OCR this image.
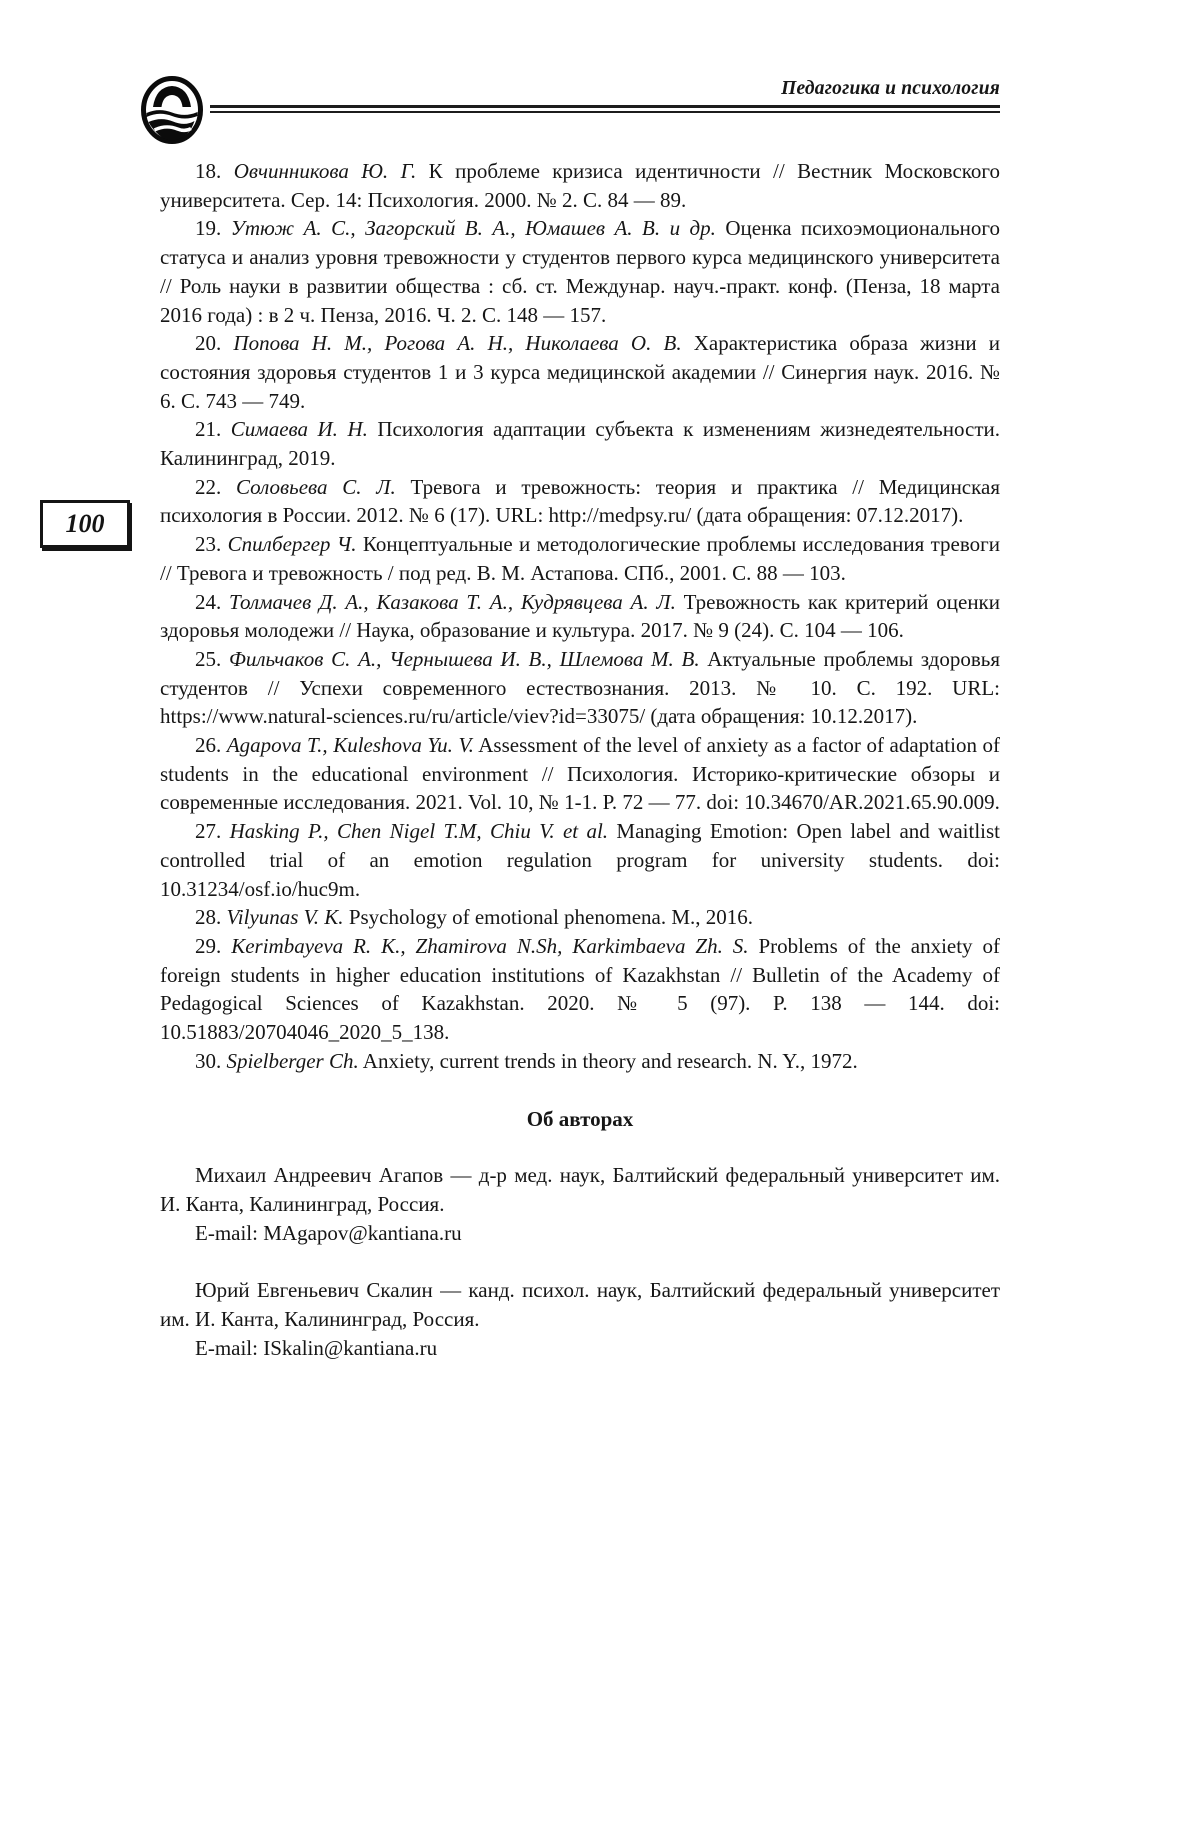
Педагогика и психология
100

18. Овчинникова Ю. Г. К проблеме кризиса идентичности // Вестник Московского университета. Сер. 14: Психология. 2000. № 2. С. 84 — 89.

19. Утюж А. С., Загорский В. А., Юмашев А. В. и др. Оценка психоэмоционального статуса и анализ уровня тревожности у студентов первого курса медицинского университета // Роль науки в развитии общества : сб. ст. Междунар. науч.-практ. конф. (Пенза, 18 марта 2016 года) : в 2 ч. Пенза, 2016. Ч. 2. С. 148 — 157.

20. Попова Н. М., Рогова А. Н., Николаева О. В. Характеристика образа жизни и состояния здоровья студентов 1 и 3 курса медицинской академии // Синергия наук. 2016. № 6. С. 743 — 749.

21. Симаева И. Н. Психология адаптации субъекта к изменениям жизнедеятельности. Калининград, 2019.

22. Соловьева С. Л. Тревога и тревожность: теория и практика // Медицинская психология в России. 2012. № 6 (17). URL: http://medpsy.ru/ (дата обращения: 07.12.2017).

23. Спилбергер Ч. Концептуальные и методологические проблемы исследования тревоги // Тревога и тревожность / под ред. В. М. Астапова. СПб., 2001. С. 88 — 103.

24. Толмачев Д. А., Казакова Т. А., Кудрявцева А. Л. Тревожность как критерий оценки здоровья молодежи // Наука, образование и культура. 2017. № 9 (24). С. 104 — 106.

25. Фильчаков С. А., Чернышева И. В., Шлемова М. В. Актуальные проблемы здоровья студентов // Успехи современного естествознания. 2013. № 10. С. 192. URL: https://www.natural-sciences.ru/ru/article/viev?id=33075/ (дата обращения: 10.12.2017).

26. Agapova T., Kuleshova Yu. V. Assessment of the level of anxiety as a factor of adaptation of students in the educational environment // Психология. Историко-критические обзоры и современные исследования. 2021. Vol. 10, № 1-1. P. 72 — 77. doi: 10.34670/AR.2021.65.90.009.

27. Hasking P., Chen Nigel T.M, Chiu V. et al. Managing Emotion: Open label and waitlist controlled trial of an emotion regulation program for university students. doi: 10.31234/osf.io/huc9m.

28. Vilyunas V. K. Psychology of emotional phenomena. М., 2016.

29. Kerimbayeva R. K., Zhamirova N.Sh, Karkimbaeva Zh. S. Problems of the anxiety of foreign students in higher education institutions of Kazakhstan // Bulletin of the Academy of Pedagogical Sciences of Kazakhstan. 2020. № 5 (97). P. 138 — 144. doi: 10.51883/20704046_2020_5_138.

30. Spielberger Ch. Anxiety, current trends in theory and research. N. Y., 1972.

Об авторах

Михаил Андреевич Агапов — д-р мед. наук, Балтийский федеральный университет им. И. Канта, Калининград, Россия.

E-mail: MAgapov@kantiana.ru

Юрий Евгеньевич Скалин — канд. психол. наук, Балтийский федеральный университет им. И. Канта, Калининград, Россия.

E-mail: ISkalin@kantiana.ru
